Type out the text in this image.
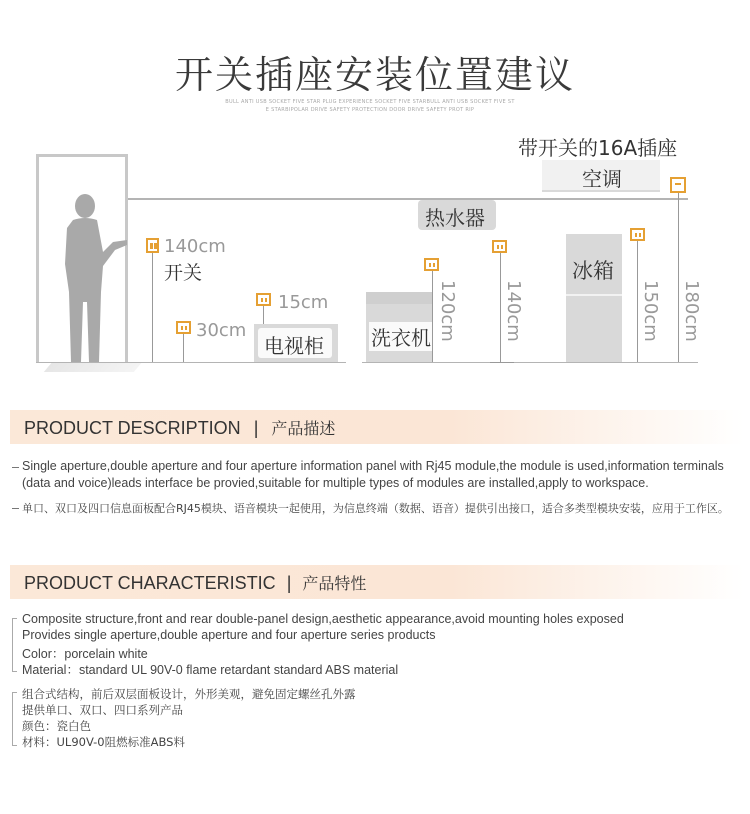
开关插座安装位置建议
BULL ANTI USB SOCKET FIVE STAR PLUG EXPERIENCE SOCKET FIVE STARBULL ANTI USB SOCKET FIVE ST
E STARBIPOLAR DRIVE SAFETY PROTECTION DOOR DRIVE SAFETY PROT RIP
140cm
开关
30cm
15cm
电视柜 洗衣机 120cm
热水器
140cm
冰箱
150cm
带开关的16A插座
空调
180cm
PRODUCT DESCRIPTION | 产品描述
Single aperture,double aperture and four aperture information panel with Rj45 module,the module is used,information terminals
(data and voice)leads interface be provied,suitable for multiple types of modules are installed,apply to workspace.
单口、双口及四口信息面板配合RJ45模块、语音模块一起使用，为信息终端（数据、语音）提供引出接口，适合多类型模块安装，应用于工作区。
PRODUCT CHARACTERISTIC | 产品特性
Composite structure,front and rear double-panel design,aesthetic appearance,avoid mounting holes exposed
Provides single aperture,double aperture and four aperture series products
Color：porcelain white
Material：standard UL 90V-0 flame retardant standard ABS material
组合式结构，前后双层面板设计，外形美观，避免固定螺丝孔外露
提供单口、双口、四口系列产品
颜色：瓷白色
材料：UL90V-0阻燃标准ABS料
